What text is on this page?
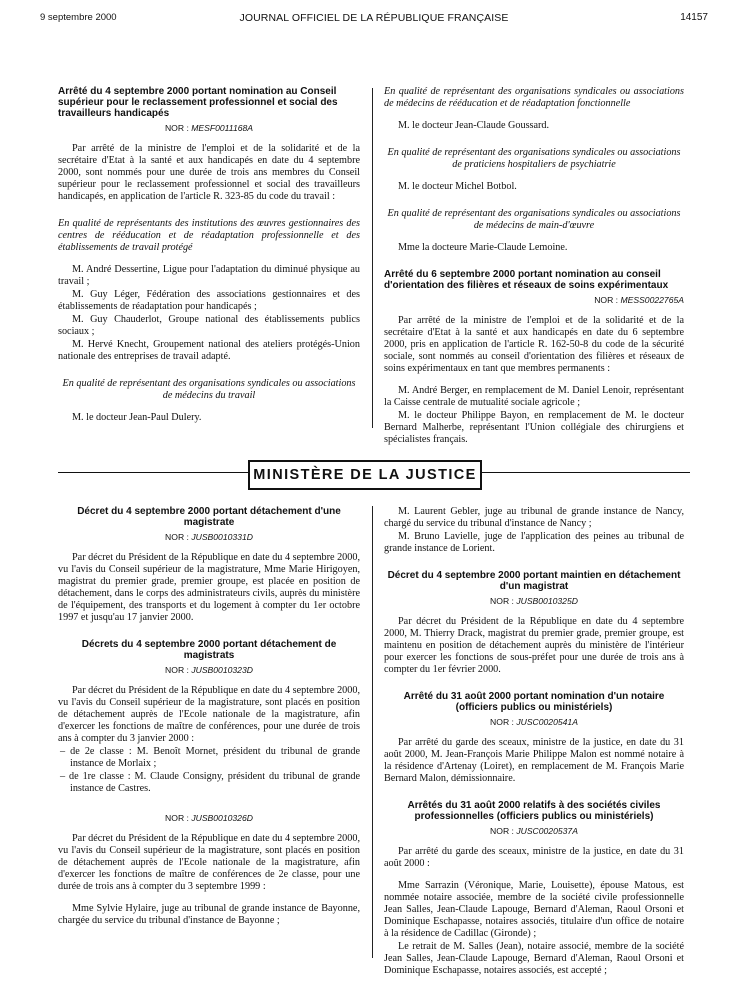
9 septembre 2000	JOURNAL OFFICIEL DE LA RÉPUBLIQUE FRANÇAISE	14157
Arrêté du 4 septembre 2000 portant nomination au Conseil supérieur pour le reclassement professionnel et social des travailleurs handicapés
NOR : MESF0011168A

Par arrêté de la ministre de l'emploi et de la solidarité et de la secrétaire d'Etat à la santé et aux handicapés en date du 4 septembre 2000, sont nommés pour une durée de trois ans membres du Conseil supérieur pour le reclassement professionnel et social des travailleurs handicapés, en application de l'article R. 323-85 du code du travail :

En qualité de représentants des institutions des œuvres gestionnaires des centres de rééducation et de réadaptation professionnelle et des établissements de travail protégé

M. André Dessertine, Ligue pour l'adaptation du diminué physique au travail ;

M. Guy Léger, Fédération des associations gestionnaires et des établissements de réadaptation pour handicapés ;

M. Guy Chauderlot, Groupe national des établissements publics sociaux ;

M. Hervé Knecht, Groupement national des ateliers protégés-Union nationale des entreprises de travail adapté.

En qualité de représentant des organisations syndicales ou associations de médecins du travail

M. le docteur Jean-Paul Dulery.

En qualité de représentant des organisations syndicales ou associations de médecins de rééducation et de réadaptation fonctionnelle

M. le docteur Jean-Claude Goussard.

En qualité de représentant des organisations syndicales ou associations de praticiens hospitaliers de psychiatrie

M. le docteur Michel Botbol.

En qualité de représentant des organisations syndicales ou associations de médecins de main-d'œuvre

Mme la docteure Marie-Claude Lemoine.

Arrêté du 6 septembre 2000 portant nomination au conseil d'orientation des filières et réseaux de soins expérimentaux
NOR : MESS0022765A

Par arrêté de la ministre de l'emploi et de la solidarité et de la secrétaire d'Etat à la santé et aux handicapés en date du 6 septembre 2000, pris en application de l'article R. 162-50-8 du code de la sécurité sociale, sont nommés au conseil d'orientation des filières et réseaux de soins expérimentaux en tant que membres permanents :

M. André Berger, en remplacement de M. Daniel Lenoir, représentant la Caisse centrale de mutualité sociale agricole ;

M. le docteur Philippe Bayon, en remplacement de M. le docteur Bernard Malherbe, représentant l'Union collégiale des chirurgiens et spécialistes français.

MINISTÈRE DE LA JUSTICE
Décret du 4 septembre 2000 portant détachement d'une magistrate
NOR : JUSB0010331D

Par décret du Président de la République en date du 4 septembre 2000, vu l'avis du Conseil supérieur de la magistrature, Mme Marie Hirigoyen, magistrat du premier grade, premier groupe, est placée en position de détachement, dans le corps des administrateurs civils, auprès du ministère de l'équipement, des transports et du logement à compter du 1er octobre 1997 et jusqu'au 17 janvier 2000.

Décrets du 4 septembre 2000 portant détachement de magistrats
NOR : JUSB0010323D

Par décret du Président de la République en date du 4 septembre 2000, vu l'avis du Conseil supérieur de la magistrature, sont placés en position de détachement auprès de l'Ecole nationale de la magistrature, afin d'exercer les fonctions de maître de conférences, pour une durée de trois ans à compter du 3 janvier 2000 :

– de 2e classe : M. Benoît Mornet, président du tribunal de grande instance de Morlaix ;

– de 1re classe : M. Claude Consigny, président du tribunal de grande instance de Castres.

NOR : JUSB0010326D

Par décret du Président de la République en date du 4 septembre 2000, vu l'avis du Conseil supérieur de la magistrature, sont placés en position de détachement auprès de l'Ecole nationale de la magistrature, afin d'exercer les fonctions de maître de conférences de 2e classe, pour une durée de trois ans à compter du 3 septembre 1999 :

Mme Sylvie Hylaire, juge au tribunal de grande instance de Bayonne, chargée du service du tribunal d'instance de Bayonne ;

M. Laurent Gebler, juge au tribunal de grande instance de Nancy, chargé du service du tribunal d'instance de Nancy ;

M. Bruno Lavielle, juge de l'application des peines au tribunal de grande instance de Lorient.

Décret du 4 septembre 2000 portant maintien en détachement d'un magistrat
NOR : JUSB0010325D

Par décret du Président de la République en date du 4 septembre 2000, M. Thierry Drack, magistrat du premier grade, premier groupe, est maintenu en position de détachement auprès du ministère de l'intérieur pour exercer les fonctions de sous-préfet pour une durée de trois ans à compter du 1er février 2000.

Arrêté du 31 août 2000 portant nomination d'un notaire (officiers publics ou ministériels)
NOR : JUSC0020541A

Par arrêté du garde des sceaux, ministre de la justice, en date du 31 août 2000, M. Jean-François Marie Philippe Malon est nommé notaire à la résidence d'Artenay (Loiret), en remplacement de M. François Marie Bernard Malon, démissionnaire.

Arrêtés du 31 août 2000 relatifs à des sociétés civiles professionnelles (officiers publics ou ministériels)
NOR : JUSC0020537A

Par arrêté du garde des sceaux, ministre de la justice, en date du 31 août 2000 :

Mme Sarrazin (Véronique, Marie, Louisette), épouse Matous, est nommée notaire associée, membre de la société civile professionnelle Jean Salles, Jean-Claude Lapouge, Bernard d'Aleman, Raoul Orsoni et Dominique Eschapasse, notaires associés, titulaire d'un office de notaire à la résidence de Cadillac (Gironde) ;

Le retrait de M. Salles (Jean), notaire associé, membre de la société Jean Salles, Jean-Claude Lapouge, Bernard d'Aleman, Raoul Orsoni et Dominique Eschapasse, notaires associés, est accepté ;
